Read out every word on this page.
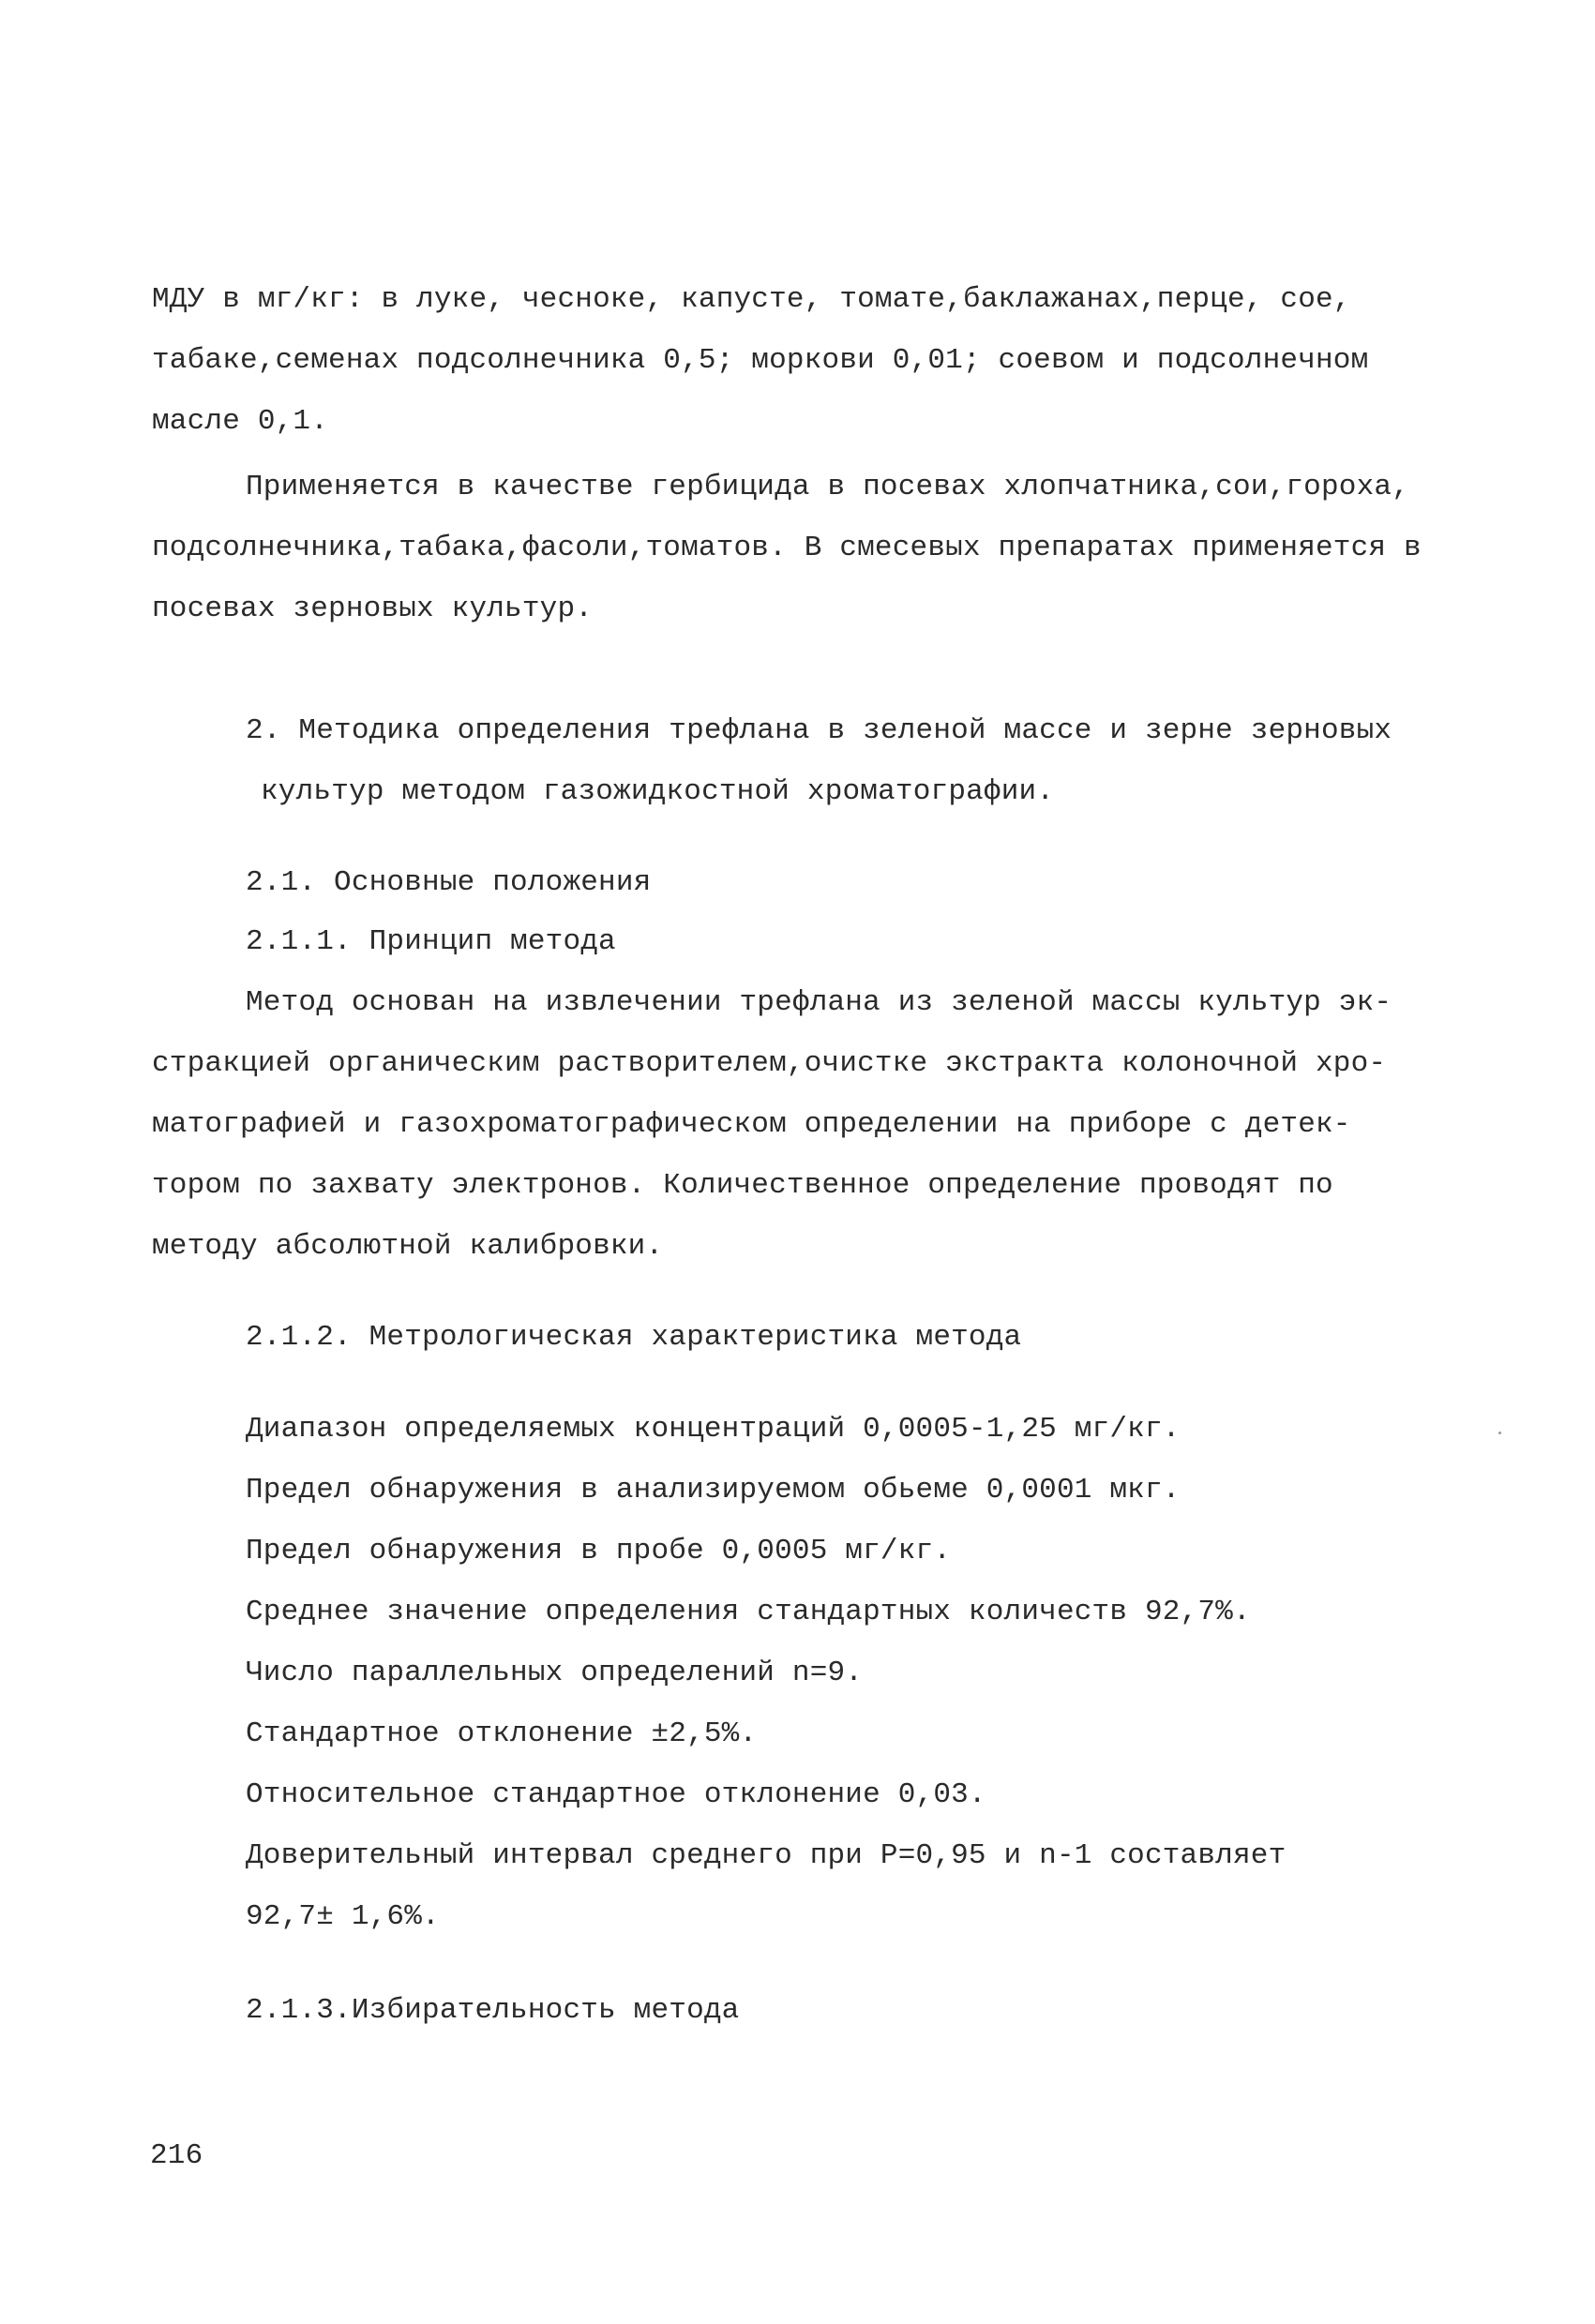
МДУ в мг/кг: в луке, чесноке, капусте, томате,баклажанах,перце, сое,
табаке,семенах подсолнечника 0,5; моркови 0,01; соевом и подсолнечном
масле 0,1.
Применяется в качестве гербицида в посевах хлопчатника,сои,гороха,
подсолнечника,табака,фасоли,томатов. В смесевых препаратах применяется в
посевах зерновых культур.
2. Методика определения трефлана в зеленой массе и зерне зерновых
культур методом газожидкостной хроматографии.
2.1. Основные положения
2.1.1. Принцип метода
Метод основан на извлечении трефлана из зеленой массы культур эк-
стракцией органическим растворителем,очистке экстракта колоночной хро-
матографией и газохроматографическом определении на приборе с детек-
тором по захвату электронов. Количественное определение проводят по
методу абсолютной калибровки.
2.1.2. Метрологическая характеристика метода
Диапазон определяемых концентраций 0,0005-1,25 мг/кг.
Предел обнаружения в анализируемом обьеме 0,0001 мкг.
Предел обнаружения в пробе 0,0005 мг/кг.
Среднее значение определения стандартных количеств 92,7%.
Число параллельных определений n=9.
Стандартное отклонение ±2,5%.
Относительное стандартное отклонение 0,03.
Доверительный интервал среднего при P=0,95 и n-1 составляет
92,7± 1,6%.
2.1.3.Избирательность метода
216
